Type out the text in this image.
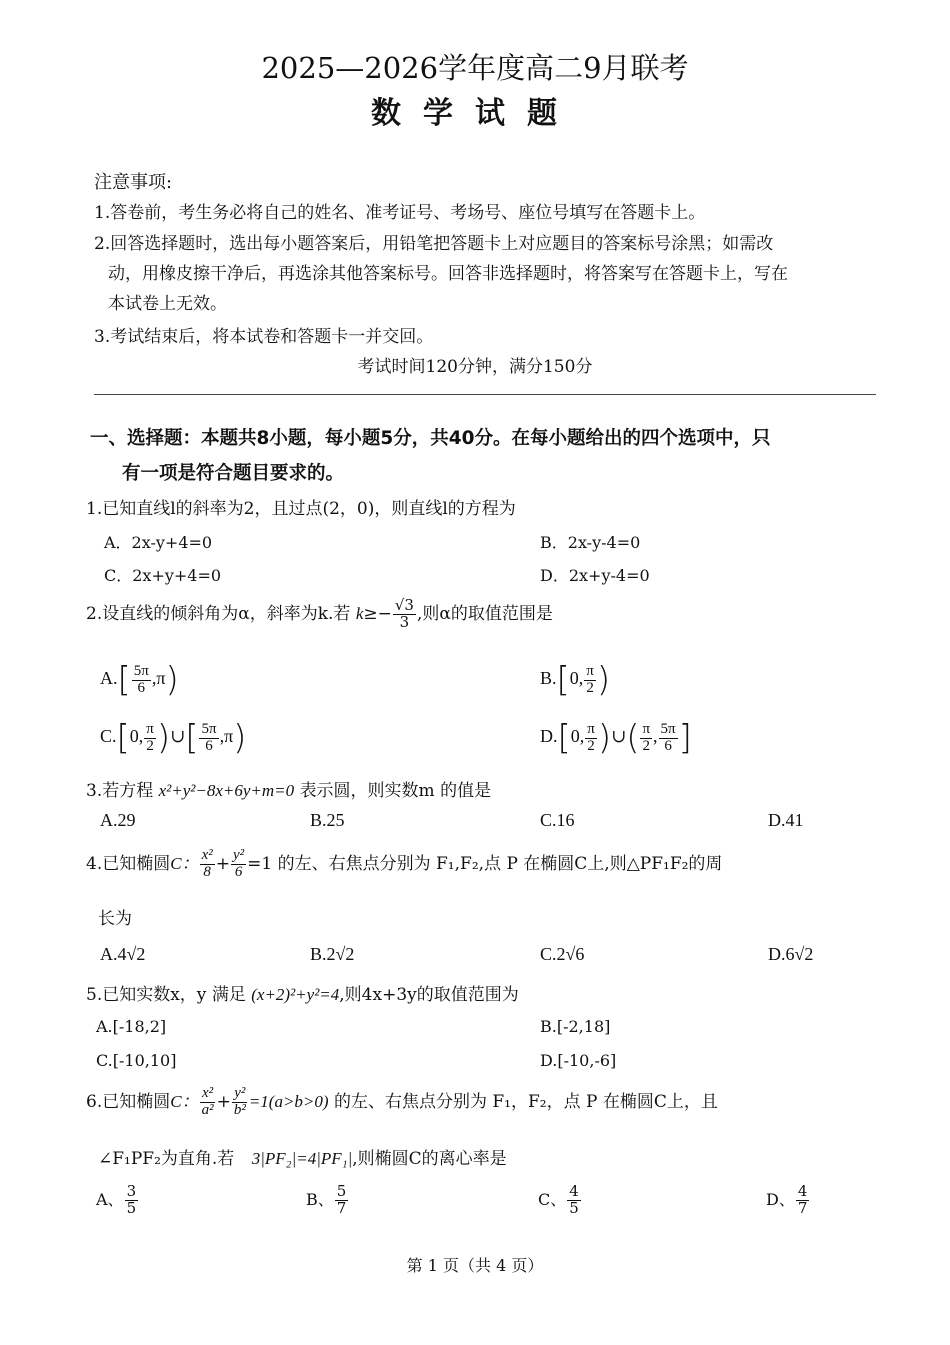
2025—2026学年度高二9月联考
数学试题
注意事项:
1.答卷前，考生务必将自己的姓名、准考证号、考场号、座位号填写在答题卡上。
2.回答选择题时，选出每小题答案后，用铅笔把答题卡上对应题目的答案标号涂黑；如需改
动，用橡皮擦干净后，再选涂其他答案标号。回答非选择题时，将答案写在答题卡上，写在
本试卷上无效。
3.考试结束后，将本试卷和答题卡一并交回。
考试时间120分钟，满分150分
一、选择题：本题共8小题，每小题5分，共40分。在每小题给出的四个选项中，只
有一项是符合题目要求的。
1.已知直线l的斜率为2，且过点(2，0)，则直线l的方程为
A．2x-y+4=0	B．2x-y-4=0
C．2x+y+4=0	D．2x+y-4=0
2.设直线的倾斜角为α，斜率为k.若 $k\ge- \frac{√3}{3}$ ,则α的取值范围是
$A.[ \frac{5\pi}{6} ,\pi)$	B.[0, $\frac{\pi}{2}$ )
C.[0, $\frac{\pi}{2}$ )∪[ $\frac{5\pi}{6} ,\pi$)	D.[0, $\frac{\pi}{2}$ )∪( $\frac{\pi}{2}$ , $\frac{5\pi}{6}$ ]
3.若方程 x²+y²−8x+6y+m=0 表示圆，则实数m 的值是
A.29	B.25	C.16	D.41
4.已知椭圆C： $\frac{\text{x²}}{8} + \frac{\text{y²}}{6} =1$ 的左、右焦点分别为 F₁,F₂,点 P 在椭圆C上,则△PF₁F₂的周
长为
A.4√2	B.2√2	C.2√6	D.6√2
5.已知实数x，y 满足 (x+2)²+y²=4,则4x+3y的取值范围为
A.[-18,2]	B.[-2,18]
C.[-10,10]	D.[-10,-6]
6.已知椭圆C： $\frac{\text{x²}}{\text{a²}} + \frac{\text{y²}}{\text{b²}} =1(a>b>0)$ 的左、右焦点分别为 F₁，F₂，点 P 在椭圆C上，且
∠F₁PF₂为直角.若 3|PF₂|=4|PF₁|,则椭圆C的离心率是
A、 $\frac{3}{5}$	B、 $\frac{5}{7}$	C、 $\frac{4}{5}$	D、 $\frac{4}{7}$
第 1 页（共 4 页）
